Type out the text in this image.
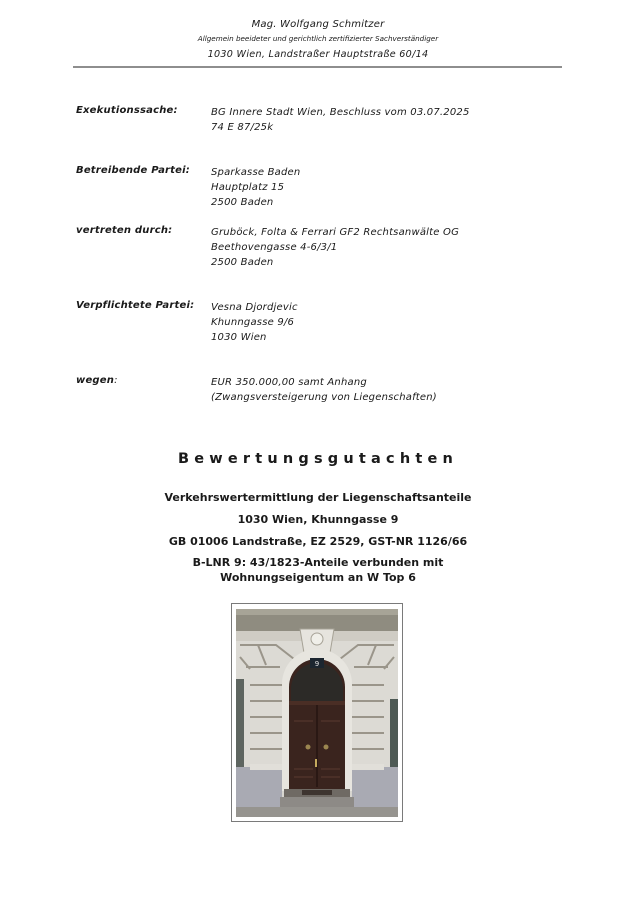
Mag. Wolfgang Schmitzer
Allgemein beeideter und gerichtlich zertifizierter Sachverständiger
1030 Wien, Landstraßer Hauptstraße 60/14
Exekutionssache:	BG Innere Stadt Wien, Beschluss vom 03.07.2025
74 E 87/25k
Betreibende Partei: Sparkasse Baden
Hauptplatz 15
2500 Baden
vertreten durch:	Gruböck, Folta & Ferrari GF2 Rechtsanwälte OG
Beethovengasse 4-6/3/1
2500 Baden
Verpflichtete Partei: Vesna Djordjevic
Khunngasse 9/6
1030 Wien
wegen:	EUR 350.000,00 samt Anhang
(Zwangsversteigerung von Liegenschaften)
Bewertungsgutachten
Verkehrswertermittlung der Liegenschaftsanteile
1030 Wien, Khunngasse 9
GB 01006 Landstraße, EZ 2529, GST-NR 1126/66
B-LNR 9: 43/1823-Anteile verbunden mit
Wohnungseigentum an W Top 6
9
